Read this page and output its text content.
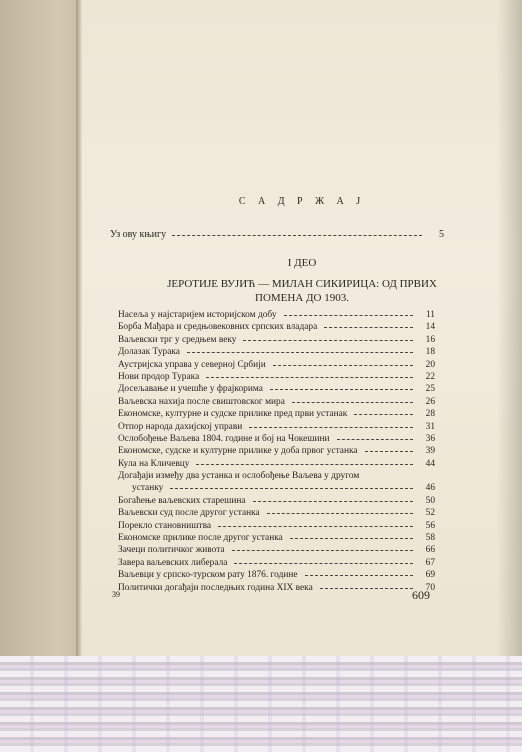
С А Д Р Ж А Ј
Уз ову књигу	5
I ДЕО
ЈЕРОТИЈЕ ВУЈИЋ — МИЛАН СИКИРИЦА: ОД ПРВИХ
ПОМЕНА ДО 1903.
Насеља у најстаријем историјском добу	11
Борба Мађара и средњовековних српских владара	14
Ваљевски трг у средњем веку	16
Долазак Турака	18
Аустријска управа у северној Србији	20
Нови продор Турака	22
Досељавање и учешће у фрајкорима	25
Ваљевска нахија после свиштовског мира	26
Економске, културне и судске прилике пред први устанак	28
Отпор народа дахијској управи	31
Ослобођење Ваљева 1804. године и бој на Чокешини	36
Економске, судске и културне прилике у доба првог устанка	39
Кула на Кличевцу	44
Догађаји између два устанка и ослобођење Ваљева у другом
устанку	46
Богаћење ваљевских старешина	50
Ваљевски суд после другог устанка	52
Порекло становништва	56
Економске прилике после другог устанка	58
Зачеци политичког живота	66
Завера ваљевских либерала	67
Ваљевци у српско-турском рату 1876. године	69
Политички догађаји последњих година XIX века	70
39	609
